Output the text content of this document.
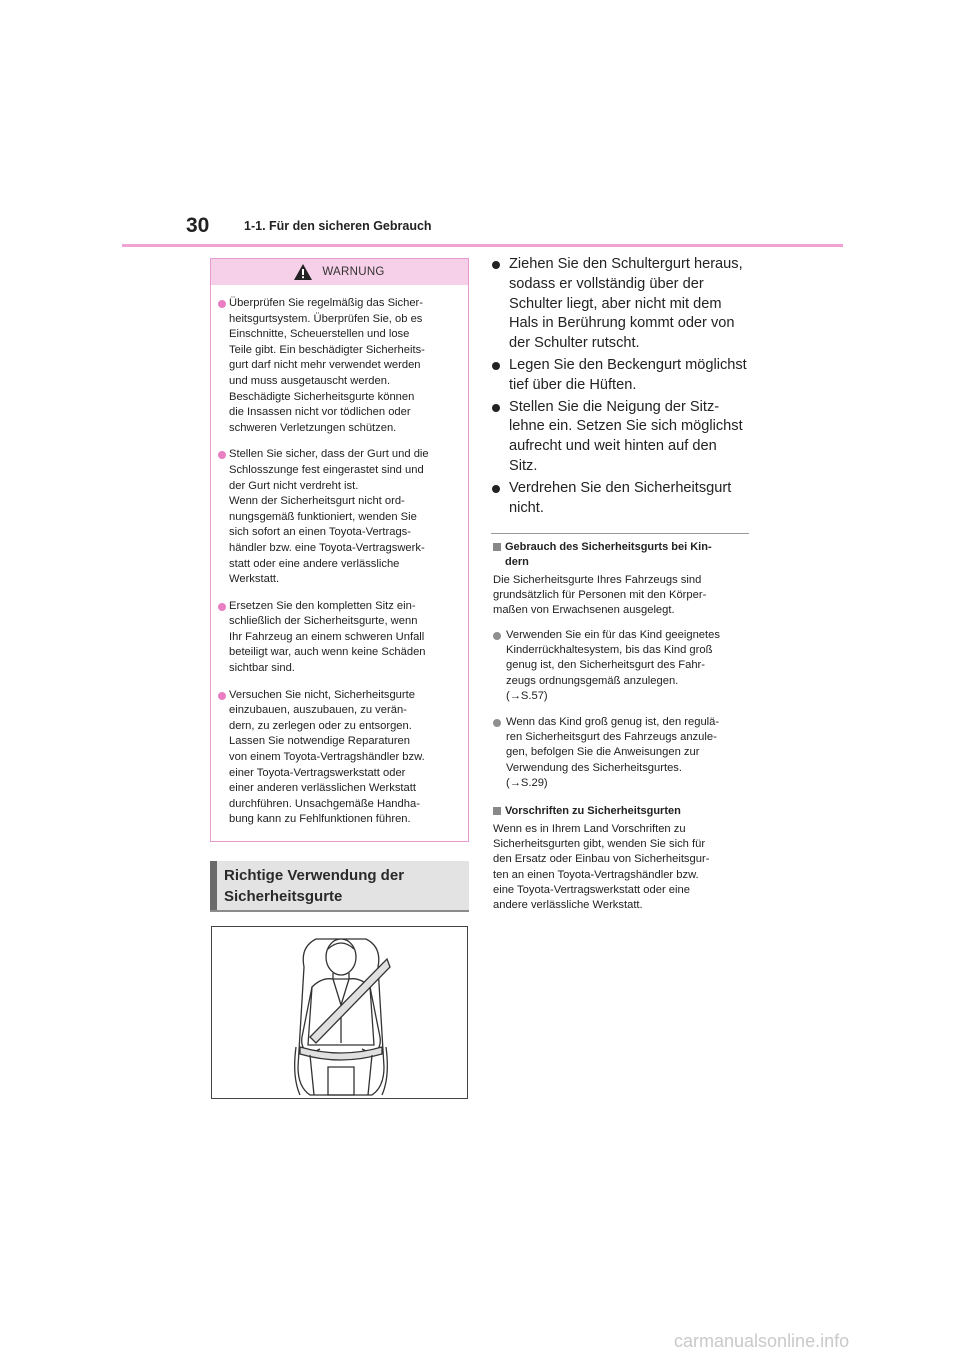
30	1-1. Für den sicheren Gebrauch
WARNUNG
Überprüfen Sie regelmäßig das Sicher-
heitsgurtsystem. Überprüfen Sie, ob es
Einschnitte, Scheuerstellen und lose
Teile gibt. Ein beschädigter Sicherheits-
gurt darf nicht mehr verwendet werden
und muss ausgetauscht werden.
Beschädigte Sicherheitsgurte können
die Insassen nicht vor tödlichen oder
schweren Verletzungen schützen.
Stellen Sie sicher, dass der Gurt und die
Schlosszunge fest eingerastet sind und
der Gurt nicht verdreht ist.
Wenn der Sicherheitsgurt nicht ord-
nungsgemäß funktioniert, wenden Sie
sich sofort an einen Toyota-Vertrags-
händler bzw. eine Toyota-Vertragswerk-
statt oder eine andere verlässliche
Werkstatt.
Ersetzen Sie den kompletten Sitz ein-
schließlich der Sicherheitsgurte, wenn
Ihr Fahrzeug an einem schweren Unfall
beteiligt war, auch wenn keine Schäden
sichtbar sind.
Versuchen Sie nicht, Sicherheitsgurte
einzubauen, auszubauen, zu verän-
dern, zu zerlegen oder zu entsorgen.
Lassen Sie notwendige Reparaturen
von einem Toyota-Vertragshändler bzw.
einer Toyota-Vertragswerkstatt oder
einer anderen verlässlichen Werkstatt
durchführen. Unsachgemäße Handha-
bung kann zu Fehlfunktionen führen.
Richtige Verwendung der
Sicherheitsgurte
Ziehen Sie den Schultergurt heraus,
sodass er vollständig über der
Schulter liegt, aber nicht mit dem
Hals in Berührung kommt oder von
der Schulter rutscht.
Legen Sie den Beckengurt möglichst
tief über die Hüften.
Stellen Sie die Neigung der Sitz-
lehne ein. Setzen Sie sich möglichst
aufrecht und weit hinten auf den
Sitz.
Verdrehen Sie den Sicherheitsgurt
nicht.
Gebrauch des Sicherheitsgurts bei Kin-
dern
Die Sicherheitsgurte Ihres Fahrzeugs sind
grundsätzlich für Personen mit den Körper-
maßen von Erwachsenen ausgelegt.
Verwenden Sie ein für das Kind geeignetes
Kinderrückhaltesystem, bis das Kind groß
genug ist, den Sicherheitsgurt des Fahr-
zeugs ordnungsgemäß anzulegen.
(→S.57)
Wenn das Kind groß genug ist, den regulä-
ren Sicherheitsgurt des Fahrzeugs anzule-
gen, befolgen Sie die Anweisungen zur
Verwendung des Sicherheitsgurtes.
(→S.29)
Vorschriften zu Sicherheitsgurten
Wenn es in Ihrem Land Vorschriften zu
Sicherheitsgurten gibt, wenden Sie sich für
den Ersatz oder Einbau von Sicherheitsgur-
ten an einen Toyota-Vertragshändler bzw.
eine Toyota-Vertragswerkstatt oder eine
andere verlässliche Werkstatt.
carmanualsonline.info
